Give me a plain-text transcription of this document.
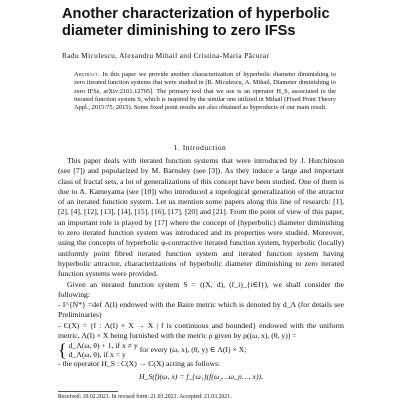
Another characterization of hyperbolic diameter diminishing to zero IFSs
Radu Miculescu, Alexandru Mihail and Cristina-Maria Păcurar
Abstract. In this paper we provide another characterization of hyperbolic diameter diminishing to zero iterated function systems that were studied in [R. Miculescu, A. Mihail, Diameter diminishing to zero IFSs, arXiv:2101.12705]. The primary tool that we use is an operator H_S, associated to the iterated function system S, which is inspired by the similar one utilized in Mihail (Fixed Point Theory Appl., 2015:75, 2015). Some fixed point results are also obtained as byproducts of our main result.
1. Introduction

This paper deals with iterated function systems that were introduced by J. Hutchinson (see [7]) and popularized by M. Barnsley (see [3]). As they induce a large and important class of fractal sets, a lot of generalizations of this concept have been studied. One of them is due to A. Kameyama (see [10]) who introduced a topological generalization of the attractor of an iterated function system. Let us mention some papers along this line of research: [1], [2], [4], [12], [13], [14], [15], [16], [17], [20] and [21]. From the point of view of this paper, an important role is played by [17] where the concept of (hyperbolic) diameter diminishing to zero iterated function system was introduced and its properties were studied. Moreover, using the concepts of hyperbolic φ-contractive iterated function system, hyperbolic (locally) uniformly point fibred iterated function system and iterated function system having hyperbolic attractor, characterizations of hyperbolic diameter diminishing to zero iterated function systems were provided.

Given an iterated function system S = ((X, d), (f_i)_{i∈I}), we shall consider the following:

- I^{N*} =def Λ(I) endowed with the Baire metric which is denoted by d_Λ (for details see Preliminaries)
- C(X) = {f : Λ(I) × X → X | f is continuous and bounded} endowed with the uniform metric, Λ(I) × X being furnished with the metric ρ given by ρ((ω, x), (θ, y)) =
{ d_Λ(ω, θ) + 1, if x ≠ y
d_Λ(ω, θ), if x = y for every (ω, x), (θ, y) ∈ Λ(I) × X;
- the operator H_S : C(X) → C(X) acting as follows:
H_S(f)(ω, x) = f_{ω₁}(f(ω₂…ω_n…, x)),
Received: 10.02.2021. In revised form: 21.03.2021. Accepted: 21.03.2021.
